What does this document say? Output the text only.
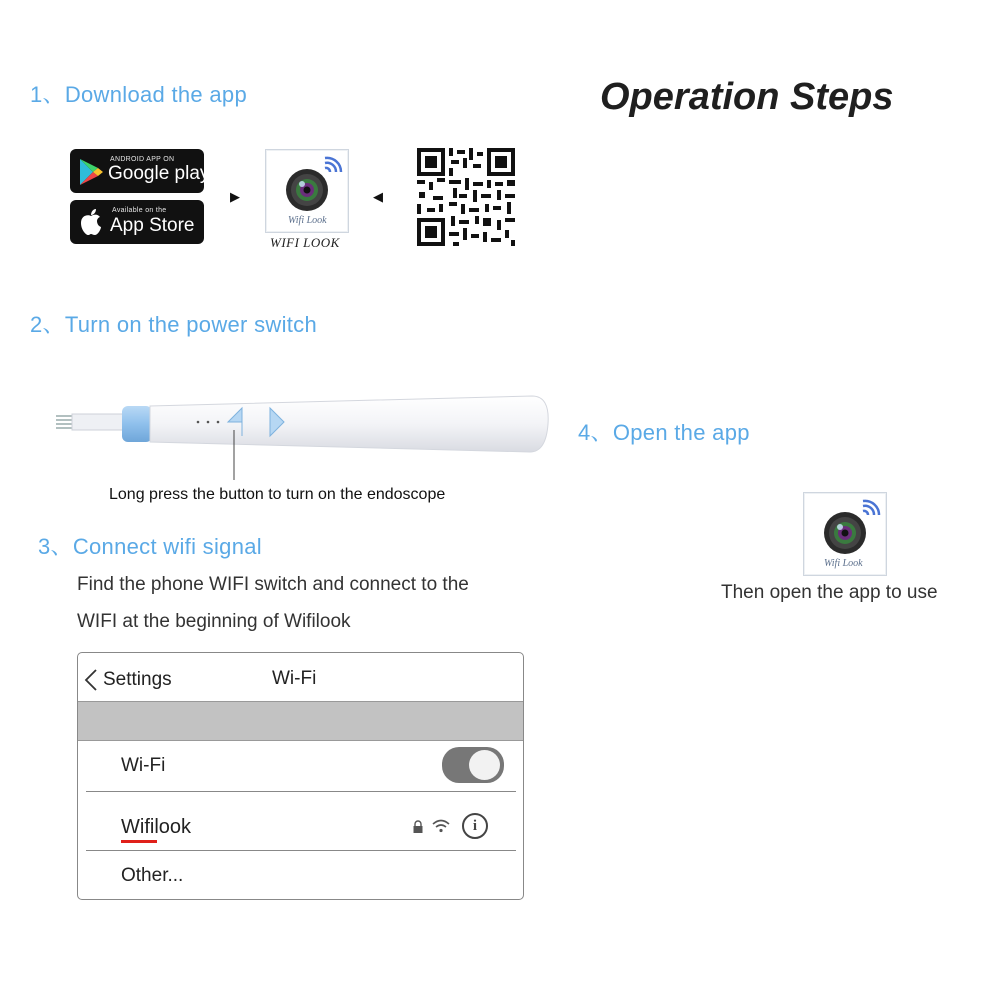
Operation Steps
1、Download the app
ANDROID APP ON
Google play
Available on the
App Store
▶
Wifi Look
WIFI LOOK
◀
2、Turn on the power switch
Long press the button to turn on the endoscope
4、Open the app
Wifi Look
Then open the app to use
3、Connect wifi signal
Find the phone WIFI switch and connect to the
WIFI at the beginning of Wifilook
Settings	Wi-Fi
Wi-Fi
Wifilook	i
Other...
